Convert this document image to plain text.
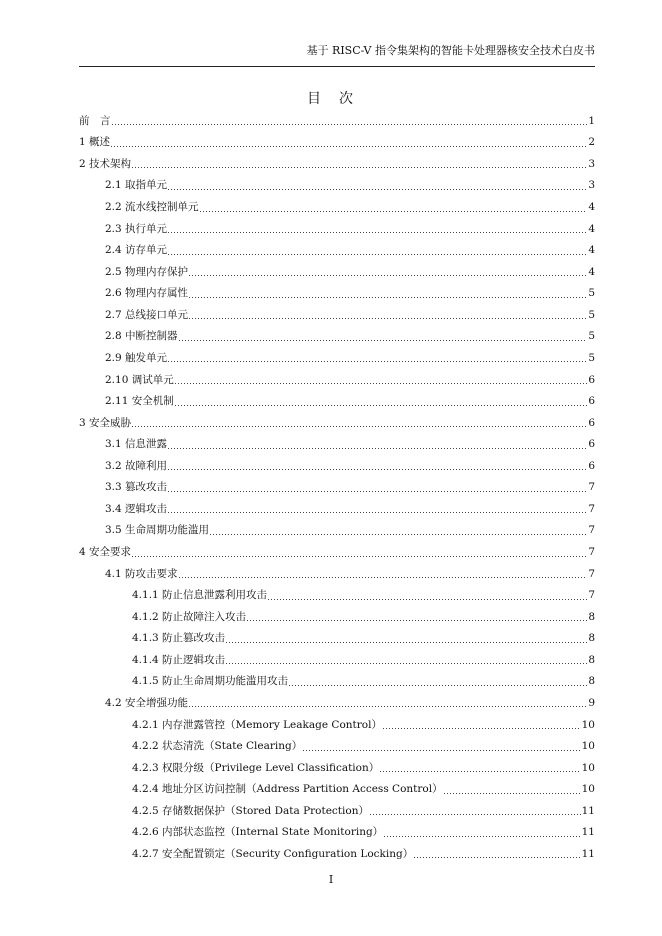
基于 RISC-V 指令集架构的智能卡处理器核安全技术白皮书
目　次
前　言	1
1 概述	2
2 技术架构	3
2.1 取指单元	3
2.2 流水线控制单元	4
2.3 执行单元	4
2.4 访存单元	4
2.5 物理内存保护	4
2.6 物理内存属性	5
2.7 总线接口单元	5
2.8 中断控制器	5
2.9 触发单元	5
2.10 调试单元	6
2.11 安全机制	6
3 安全威胁	6
3.1 信息泄露	6
3.2 故障利用	6
3.3 篡改攻击	7
3.4 逻辑攻击	7
3.5 生命周期功能滥用	7
4 安全要求	7
4.1 防攻击要求	7
4.1.1 防止信息泄露利用攻击	7
4.1.2 防止故障注入攻击	8
4.1.3 防止篡改攻击	8
4.1.4 防止逻辑攻击	8
4.1.5 防止生命周期功能滥用攻击	8
4.2 安全增强功能	9
4.2.1 内存泄露管控（Memory Leakage Control）	10
4.2.2 状态清洗（State Clearing）	10
4.2.3 权限分级（Privilege Level Classification）	10
4.2.4 地址分区访问控制（Address Partition Access Control）	10
4.2.5 存储数据保护（Stored Data Protection）	11
4.2.6 内部状态监控（Internal State Monitoring）	11
4.2.7 安全配置锁定（Security Configuration Locking）	11
I
